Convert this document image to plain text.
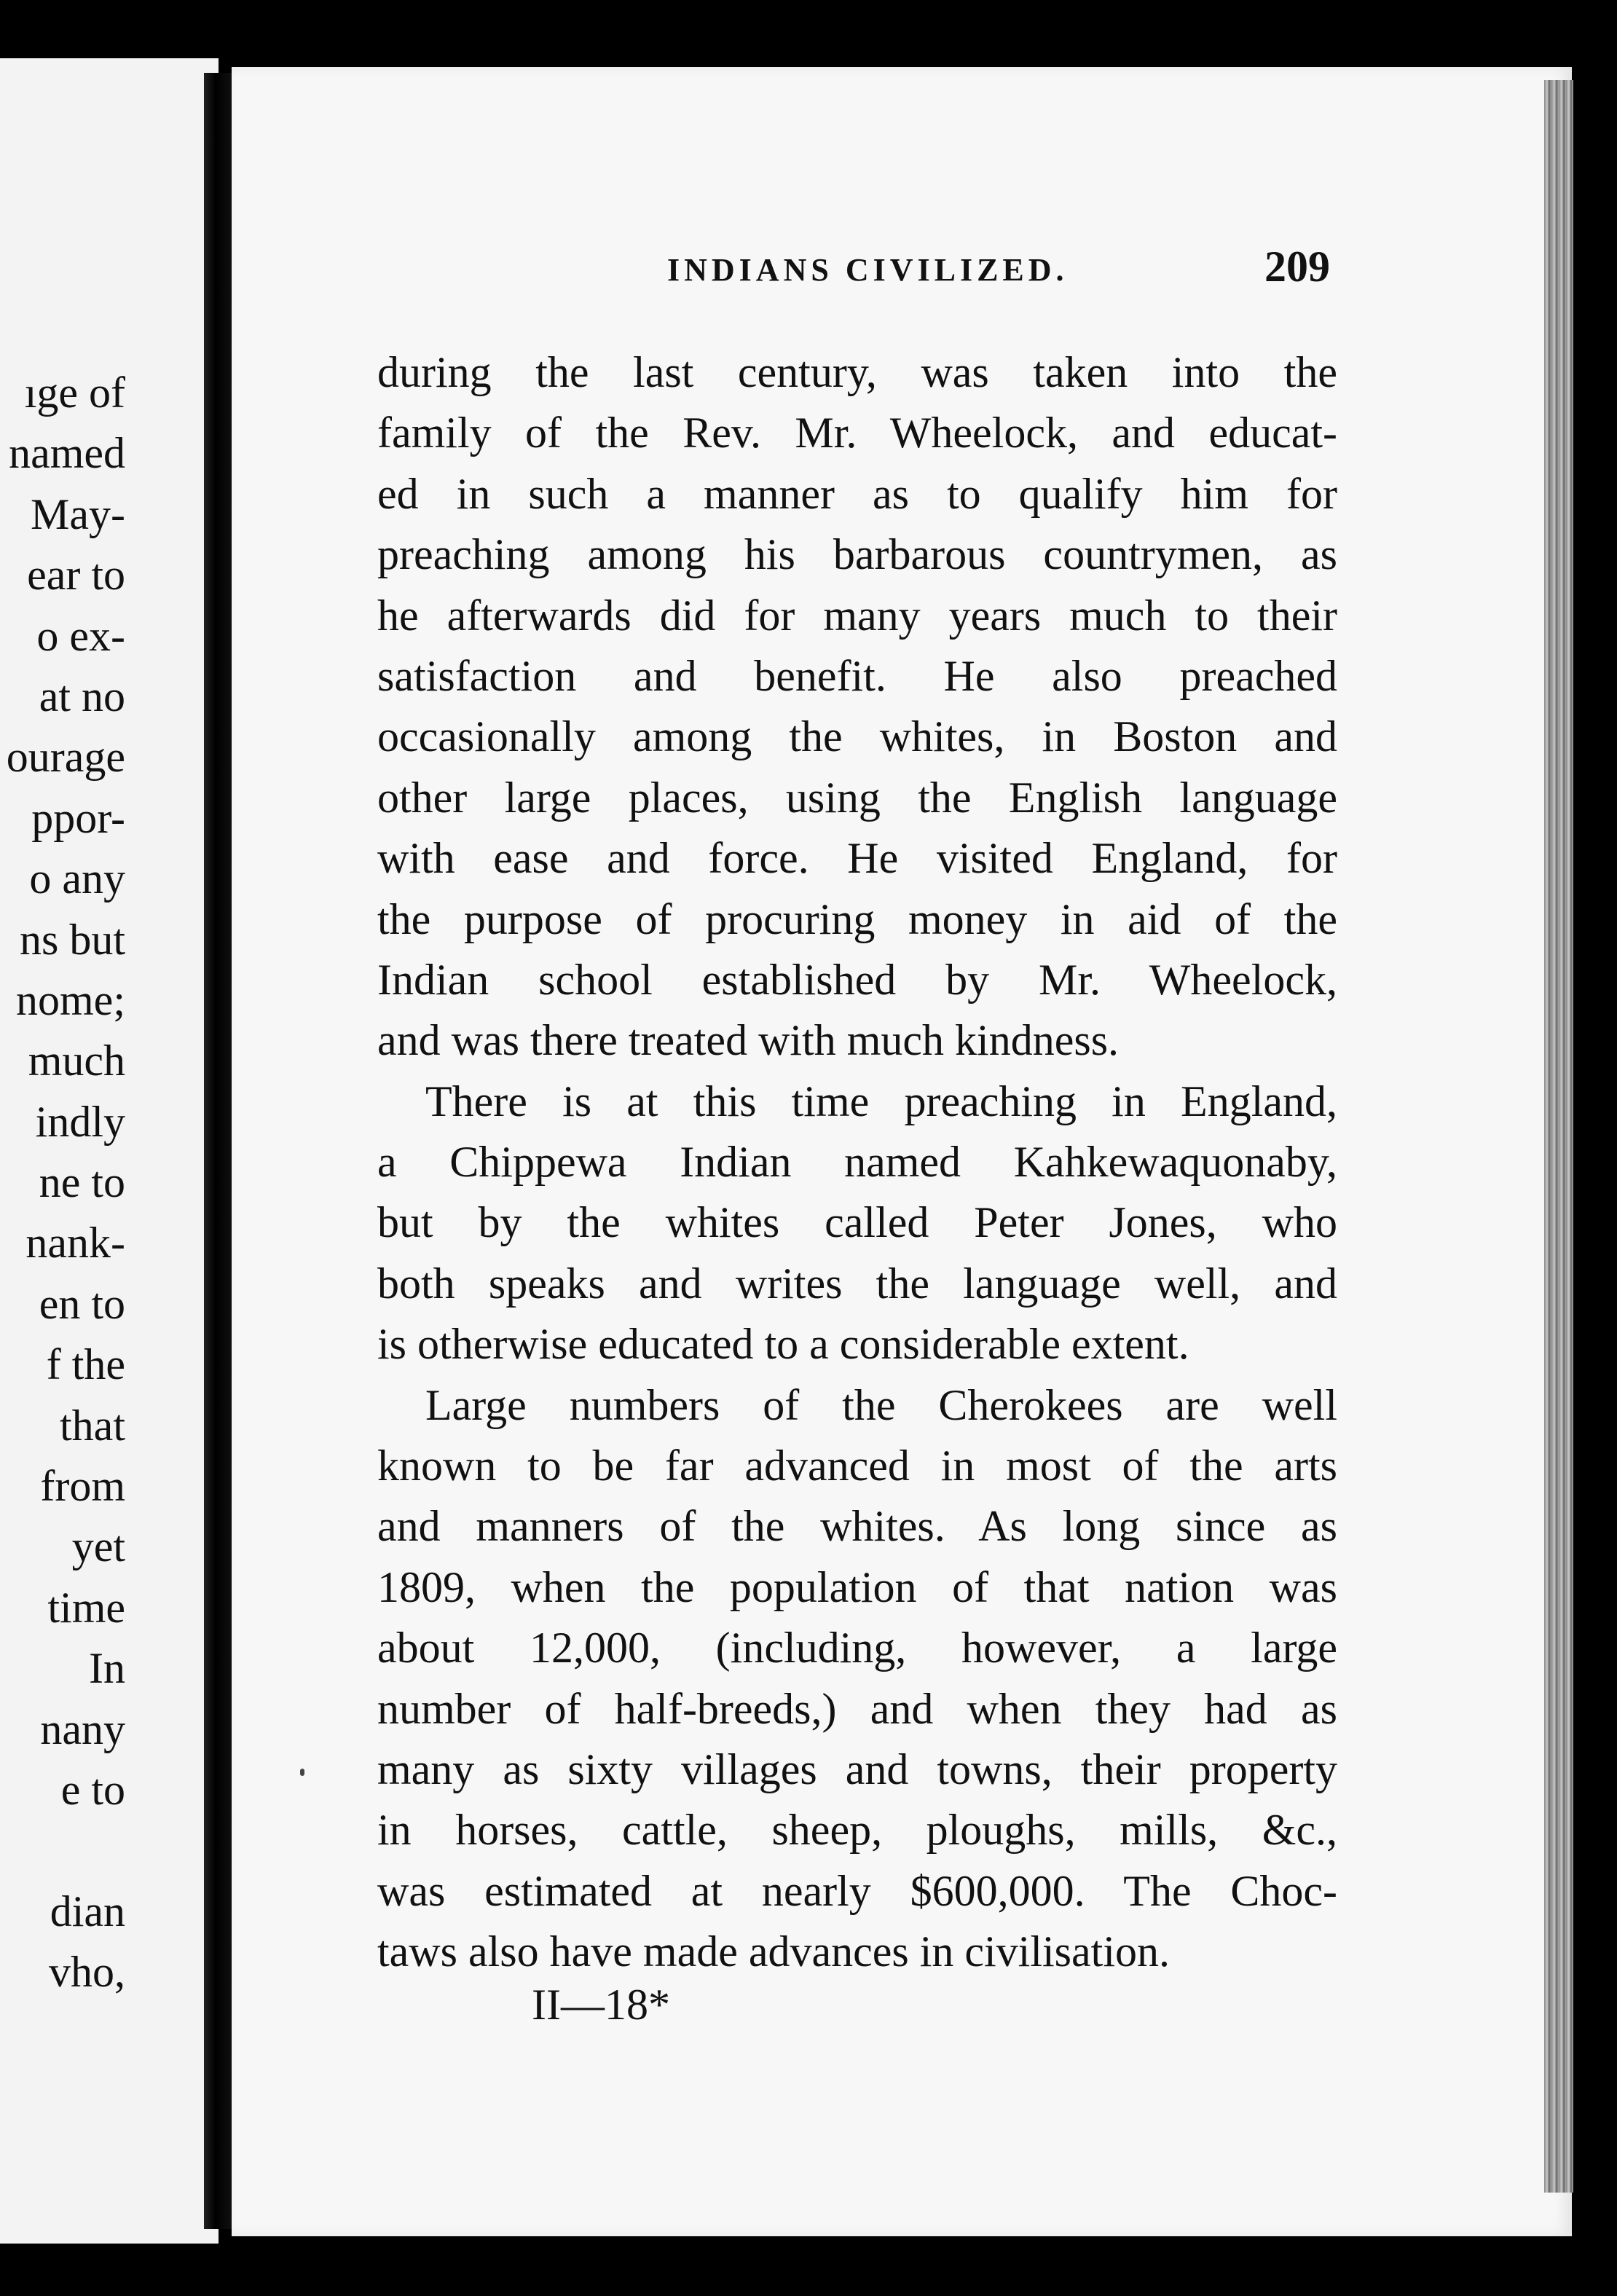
ıge of
named
May-
ear to
o ex-
at no
ourage
ppor-
o any
ns but
nome;
much
indly
ne to
nank-
en to
f the
that
from
yet
time
In
nany
e to
dian
vho,
INDIANS CIVILIZED.	209
during the last century, was taken into the
family of the Rev. Mr. Wheelock, and educat-
ed in such a manner as to qualify him for
preaching among his barbarous countrymen, as
he afterwards did for many years much to their
satisfaction and benefit. He also preached
occasionally among the whites, in Boston and
other large places, using the English language
with ease and force. He visited England, for
the purpose of procuring money in aid of the
Indian school established by Mr. Wheelock,
and was there treated with much kindness.
There is at this time preaching in England,
a Chippewa Indian named Kahkewaquonaby,
but by the whites called Peter Jones, who
both speaks and writes the language well, and
is otherwise educated to a considerable extent.
Large numbers of the Cherokees are well
known to be far advanced in most of the arts
and manners of the whites. As long since as
1809, when the population of that nation was
about 12,000, (including, however, a large
number of half-breeds,) and when they had as
many as sixty villages and towns, their property
in horses, cattle, sheep, ploughs, mills, &c.,
was estimated at nearly $600,000. The Choc-
taws also have made advances in civilisation.
II—18*
